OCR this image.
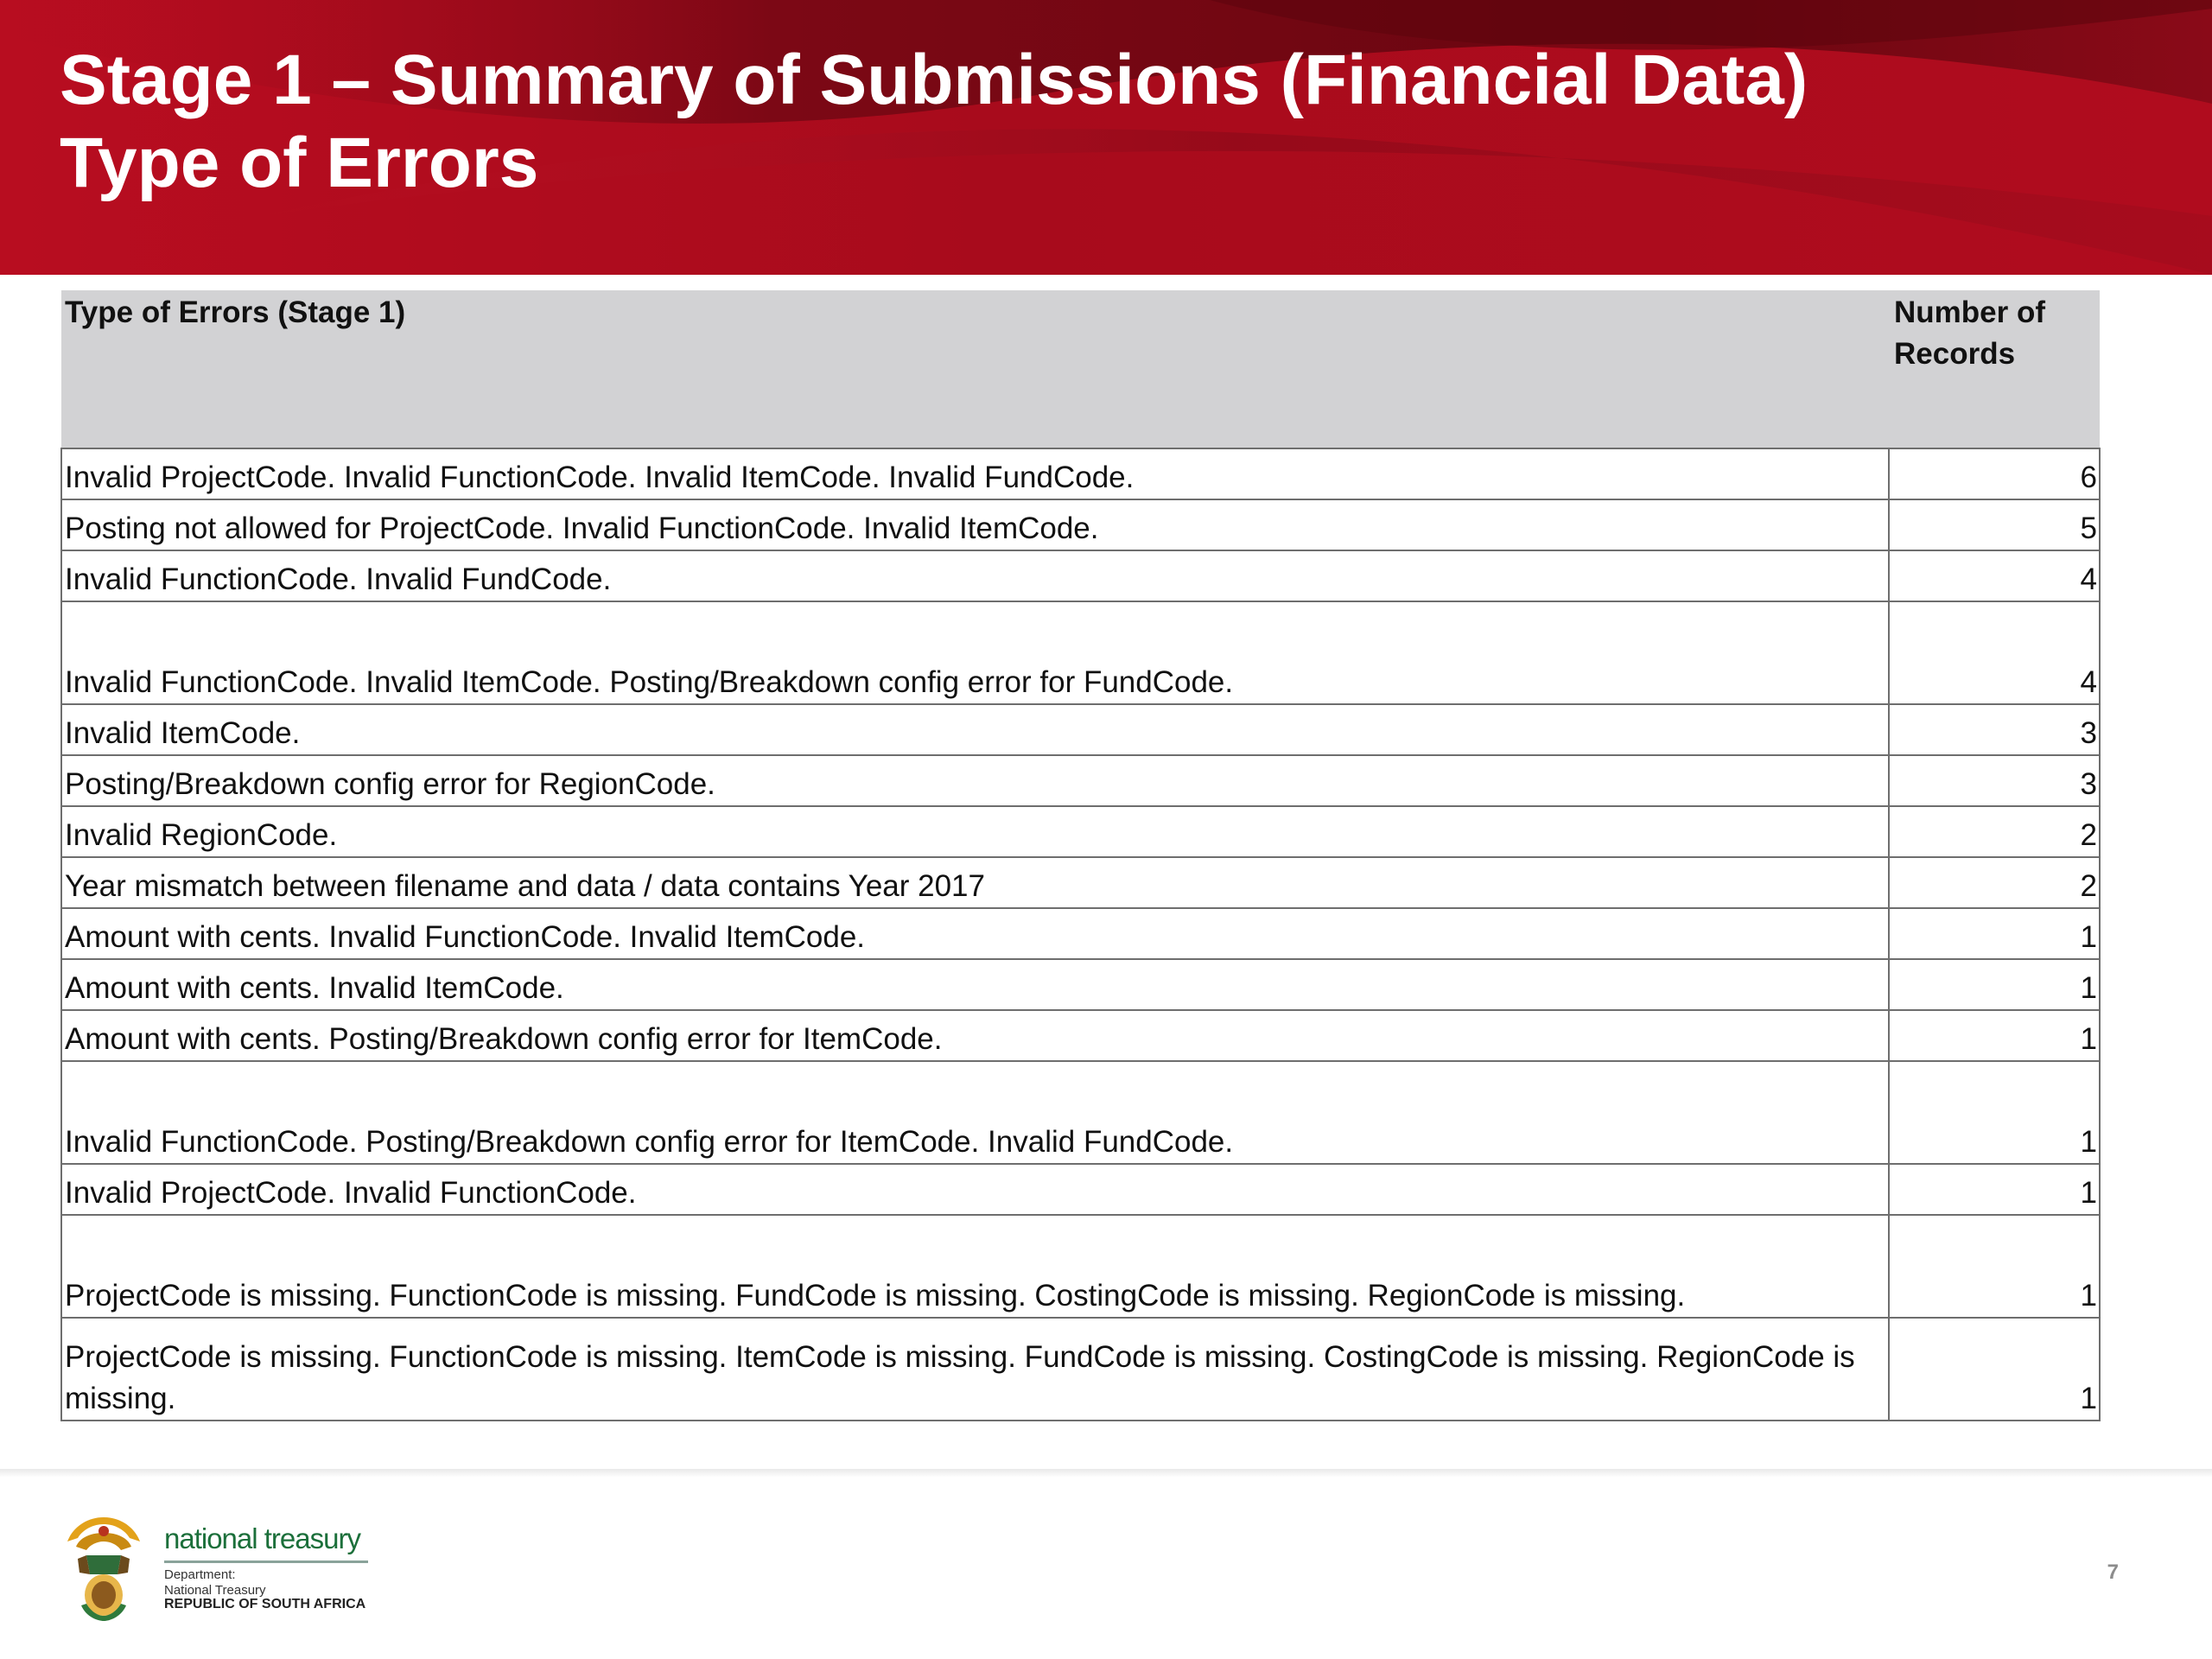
Stage 1 – Summary of Submissions (Financial Data)
Type of Errors
Type of Errors (Stage 1)	Number of
Records
Invalid ProjectCode. Invalid FunctionCode. Invalid ItemCode. Invalid FundCode.	6
Posting not allowed for ProjectCode. Invalid FunctionCode. Invalid ItemCode.	5
Invalid FunctionCode. Invalid FundCode.	4
Invalid FunctionCode. Invalid ItemCode. Posting/Breakdown config error for FundCode.	4
Invalid ItemCode.	3
Posting/Breakdown config error for RegionCode.	3
Invalid RegionCode.	2
Year mismatch between filename and data / data contains Year 2017	2
Amount with cents. Invalid FunctionCode. Invalid ItemCode.	1
Amount with cents. Invalid ItemCode.	1
Amount with cents. Posting/Breakdown config error for ItemCode.	1
Invalid FunctionCode. Posting/Breakdown config error for ItemCode. Invalid FundCode.	1
Invalid ProjectCode. Invalid FunctionCode.	1
ProjectCode is missing. FunctionCode is missing. FundCode is missing. CostingCode is missing. RegionCode is missing.	1
ProjectCode is missing. FunctionCode is missing. ItemCode is missing. FundCode is missing. CostingCode is missing. RegionCode is missing.	1
national treasury
Department:
National Treasury
REPUBLIC OF SOUTH AFRICA
7
